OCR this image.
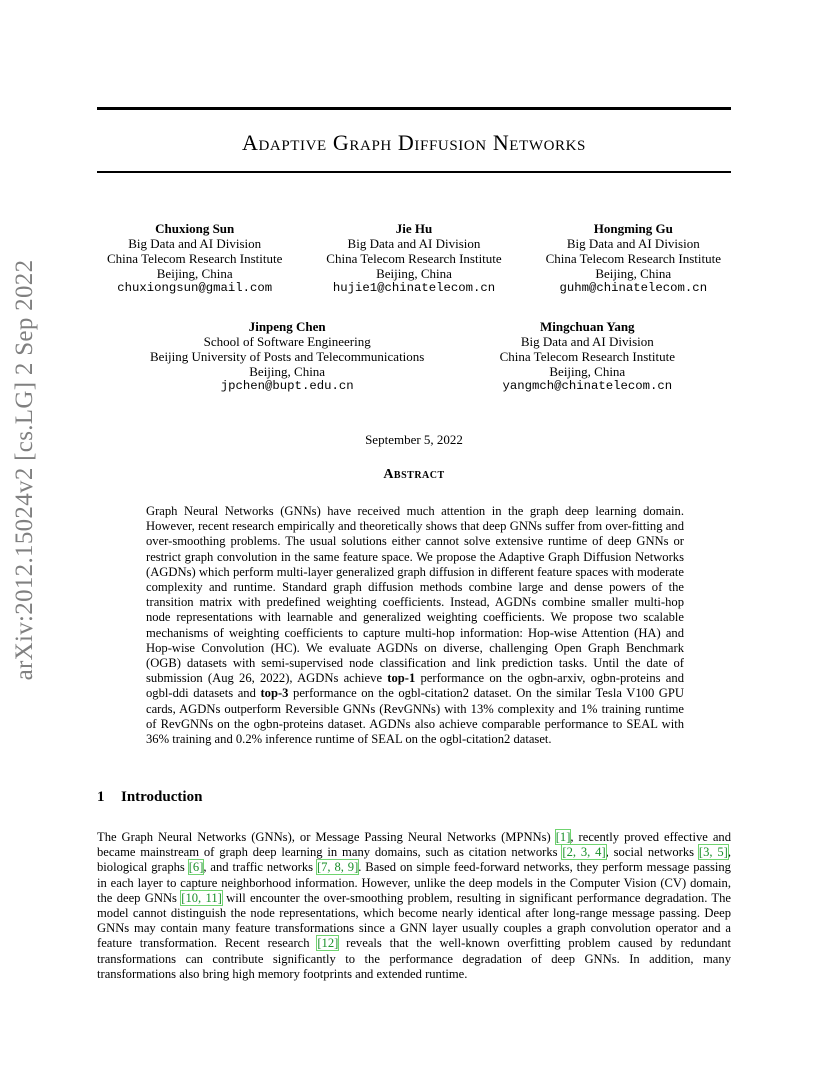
arXiv:2012.15024v2 [cs.LG] 2 Sep 2022
Adaptive Graph Diffusion Networks
Chuxiong Sun
Big Data and AI Division
China Telecom Research Institute
Beijing, China
chuxiongsun@gmail.com
Jie Hu
Big Data and AI Division
China Telecom Research Institute
Beijing, China
hujie1@chinatelecom.cn
Hongming Gu
Big Data and AI Division
China Telecom Research Institute
Beijing, China
guhm@chinatelecom.cn
Jinpeng Chen
School of Software Engineering
Beijing University of Posts and Telecommunications
Beijing, China
jpchen@bupt.edu.cn
Mingchuan Yang
Big Data and AI Division
China Telecom Research Institute
Beijing, China
yangmch@chinatelecom.cn
September 5, 2022
Abstract

Graph Neural Networks (GNNs) have received much attention in the graph deep learning domain. However, recent research empirically and theoretically shows that deep GNNs suffer from over-fitting and over-smoothing problems. The usual solutions either cannot solve extensive runtime of deep GNNs or restrict graph convolution in the same feature space. We propose the Adaptive Graph Diffusion Networks (AGDNs) which perform multi-layer generalized graph diffusion in different feature spaces with moderate complexity and runtime. Standard graph diffusion methods combine large and dense powers of the transition matrix with predefined weighting coefficients. Instead, AGDNs combine smaller multi-hop node representations with learnable and generalized weighting coefficients. We propose two scalable mechanisms of weighting coefficients to capture multi-hop information: Hop-wise Attention (HA) and Hop-wise Convolution (HC). We evaluate AGDNs on diverse, challenging Open Graph Benchmark (OGB) datasets with semi-supervised node classification and link prediction tasks. Until the date of submission (Aug 26, 2022), AGDNs achieve top-1 performance on the ogbn-arxiv, ogbn-proteins and ogbl-ddi datasets and top-3 performance on the ogbl-citation2 dataset. On the similar Tesla V100 GPU cards, AGDNs outperform Reversible GNNs (RevGNNs) with 13% complexity and 1% training runtime of RevGNNs on the ogbn-proteins dataset. AGDNs also achieve comparable performance to SEAL with 36% training and 0.2% inference runtime of SEAL on the ogbl-citation2 dataset.

1 Introduction

The Graph Neural Networks (GNNs), or Message Passing Neural Networks (MPNNs) [1], recently proved effective and became mainstream of graph deep learning in many domains, such as citation networks [2, 3, 4], social networks [3, 5], biological graphs [6], and traffic networks [7, 8, 9]. Based on simple feed-forward networks, they perform message passing in each layer to capture neighborhood information. However, unlike the deep models in the Computer Vision (CV) domain, the deep GNNs [10, 11] will encounter the over-smoothing problem, resulting in significant performance degradation. The model cannot distinguish the node representations, which become nearly identical after long-range message passing. Deep GNNs may contain many feature transformations since a GNN layer usually couples a graph convolution operator and a feature transformation. Recent research [12] reveals that the well-known overfitting problem caused by redundant transformations can contribute significantly to the performance degradation of deep GNNs. In addition, many transformations also bring high memory footprints and extended runtime.
